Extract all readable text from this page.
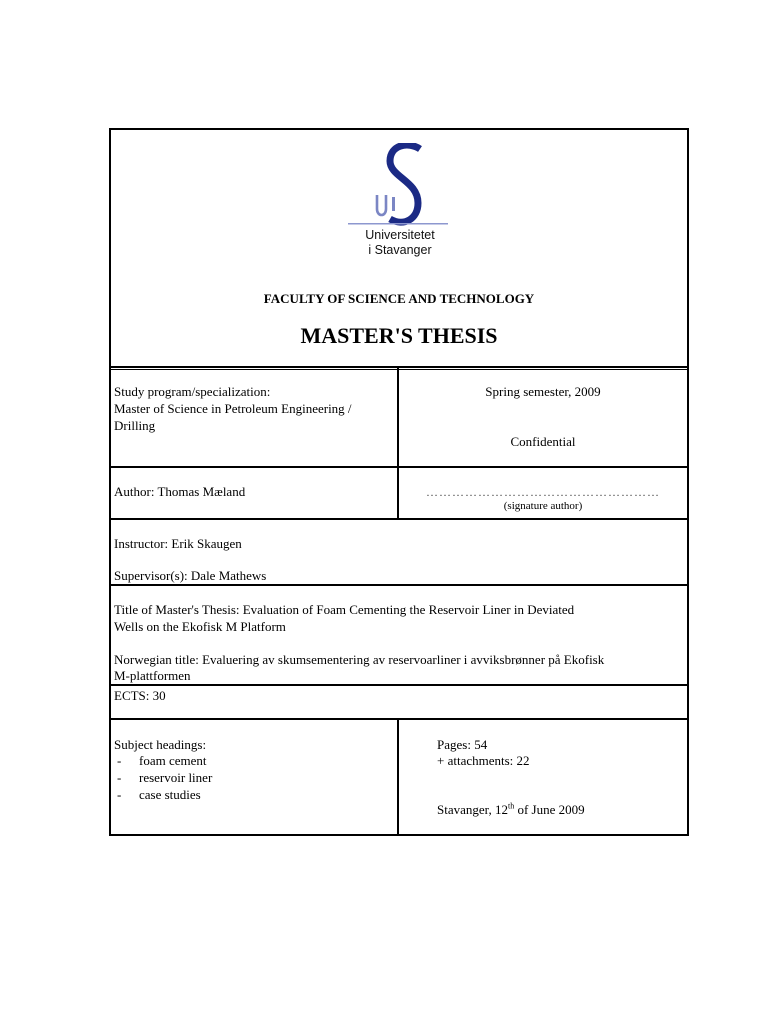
Universitetet
i Stavanger
FACULTY OF SCIENCE AND TECHNOLOGY
MASTER'S THESIS
Study program/specialization:
Master of Science in Petroleum Engineering /
Drilling
Spring semester, 2009
Confidential
Author: Thomas Mæland	………………………………………………
(signature author)
Instructor: Erik Skaugen
Supervisor(s): Dale Mathews
Title of Master's Thesis: Evaluation of Foam Cementing the Reservoir Liner in Deviated
Wells on the Ekofisk M Platform
Norwegian title: Evaluering av skumsementering av reservoarliner i avviksbrønner på Ekofisk
M-plattformen
ECTS: 30
Subject headings:
- foam cement
- reservoir liner
- case studies
Pages: 54
+ attachments: 22
Stavanger, 12th of June 2009
